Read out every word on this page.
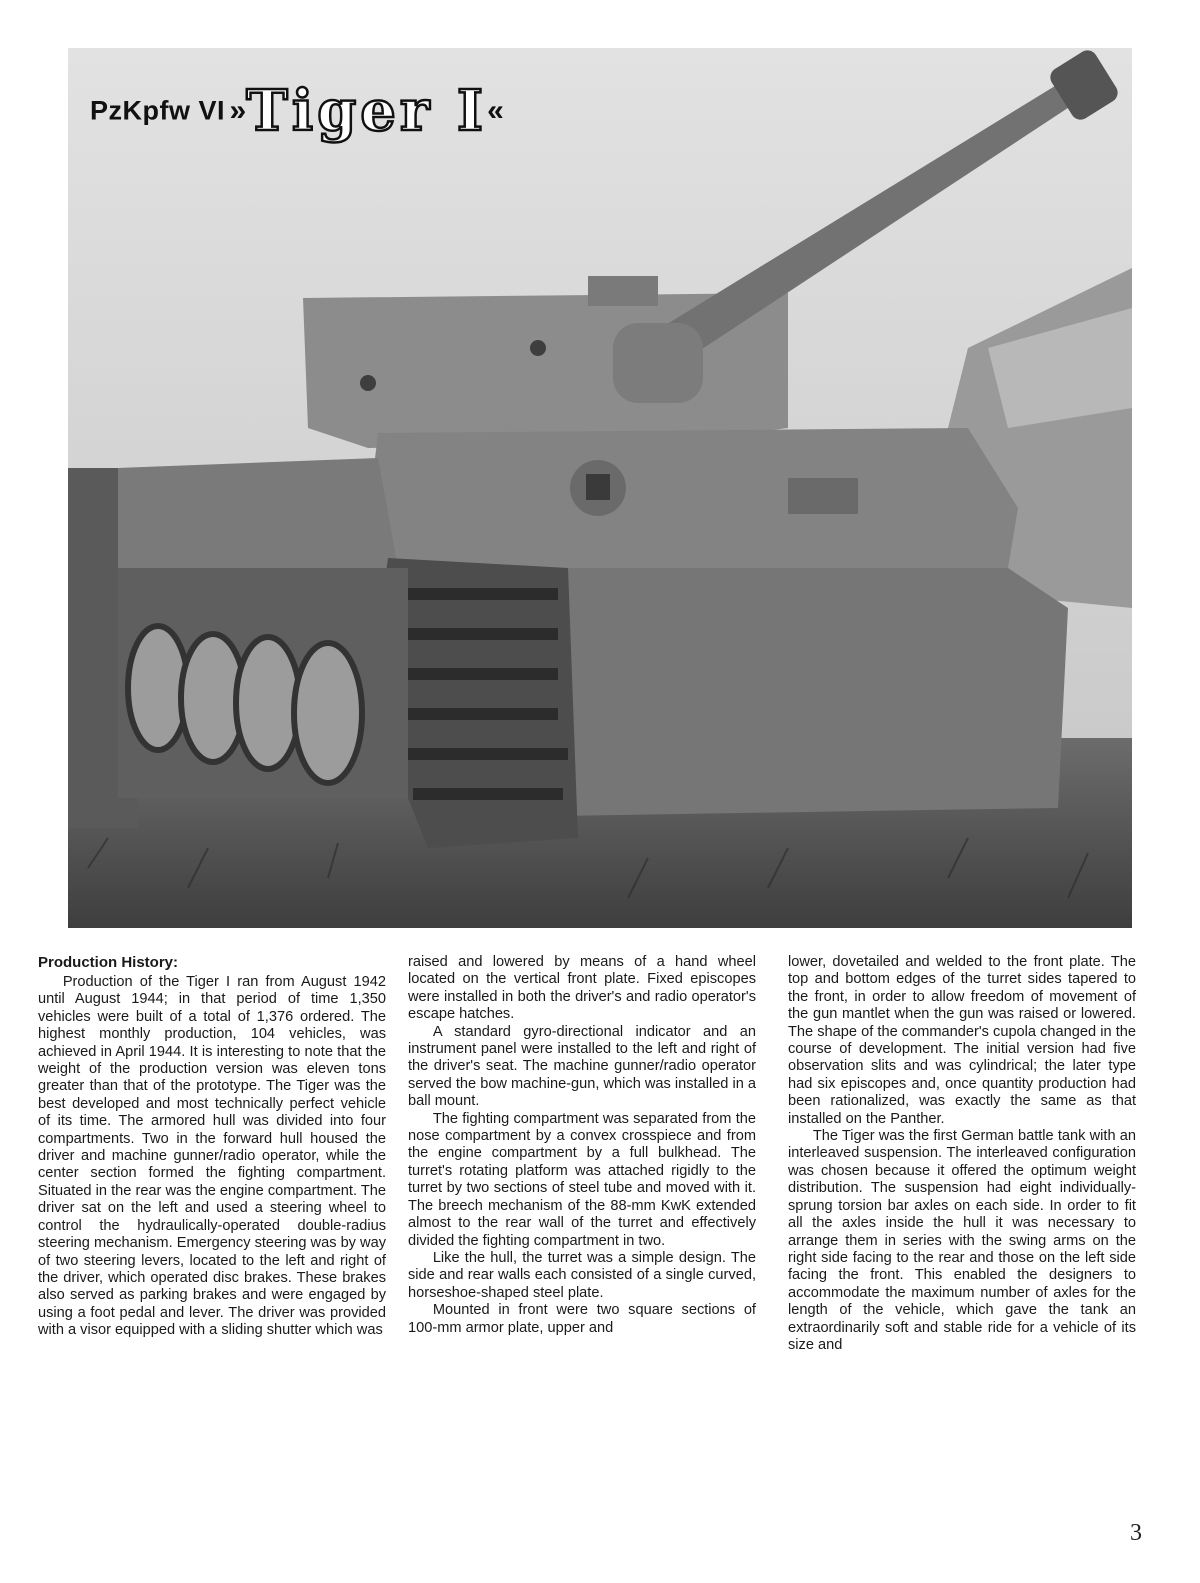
PzKpfw VI »Tiger I«
Production History:

Production of the Tiger I ran from August 1942 until August 1944; in that period of time 1,350 vehicles were built of a total of 1,376 ordered. The highest monthly production, 104 vehicles, was achieved in April 1944. It is interesting to note that the weight of the production version was eleven tons greater than that of the prototype. The Tiger was the best developed and most technically perfect vehicle of its time. The armored hull was divided into four compartments. Two in the forward hull housed the driver and machine gunner/radio operator, while the center section formed the fighting compartment. Situated in the rear was the engine compartment. The driver sat on the left and used a steering wheel to control the hydraulically-operated double-radius steering mechanism. Emergency steering was by way of two steering levers, located to the left and right of the driver, which operated disc brakes. These brakes also served as parking brakes and were engaged by using a foot pedal and lever. The driver was provided with a visor equipped with a sliding shutter which was

raised and lowered by means of a hand wheel located on the vertical front plate. Fixed episcopes were installed in both the driver's and radio operator's escape hatches.

A standard gyro-directional indicator and an instrument panel were installed to the left and right of the driver's seat. The machine gunner/radio operator served the bow machine-gun, which was installed in a ball mount.

The fighting compartment was separated from the nose compartment by a convex crosspiece and from the engine compartment by a full bulkhead. The turret's rotating platform was attached rigidly to the turret by two sections of steel tube and moved with it. The breech mechanism of the 88-mm KwK extended almost to the rear wall of the turret and effectively divided the fighting compartment in two.

Like the hull, the turret was a simple design. The side and rear walls each consisted of a single curved, horseshoe-shaped steel plate.

Mounted in front were two square sections of 100-mm armor plate, upper and

lower, dovetailed and welded to the front plate. The top and bottom edges of the turret sides tapered to the front, in order to allow freedom of movement of the gun mantlet when the gun was raised or lowered. The shape of the commander's cupola changed in the course of development. The initial version had five observation slits and was cylindrical; the later type had six episcopes and, once quantity production had been rationalized, was exactly the same as that installed on the Panther.

The Tiger was the first German battle tank with an interleaved suspension. The interleaved configuration was chosen because it offered the optimum weight distribution. The suspension had eight individually-sprung torsion bar axles on each side. In order to fit all the axles inside the hull it was necessary to arrange them in series with the swing arms on the right side facing to the rear and those on the left side facing the front. This enabled the designers to accommodate the maximum number of axles for the length of the vehicle, which gave the tank an extraordinarily soft and stable ride for a vehicle of its size and

3
